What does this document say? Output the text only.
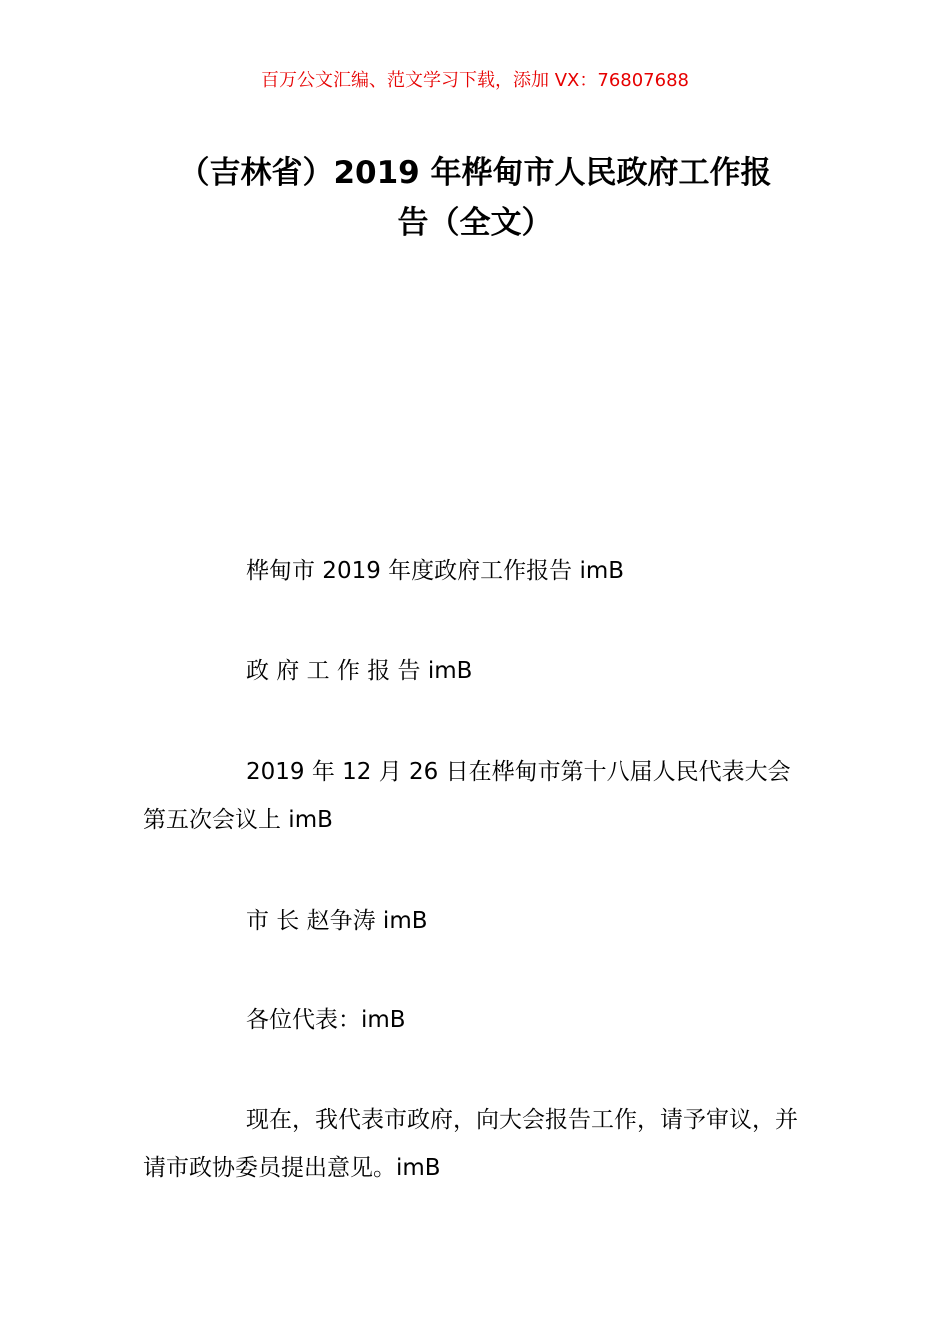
百万公文汇编、范文学习下载，添加 VX：76807688
（吉林省）2019 年桦甸市人民政府工作报
告（全文）

桦甸市 2019 年度政府工作报告 imB

政 府 工 作 报 告 imB

2019 年 12 月 26 日在桦甸市第十八届人民代表大会第五次会议上 imB

市 长 赵争涛 imB

各位代表：imB

现在，我代表市政府，向大会报告工作，请予审议，并请市政协委员提出意见。imB
